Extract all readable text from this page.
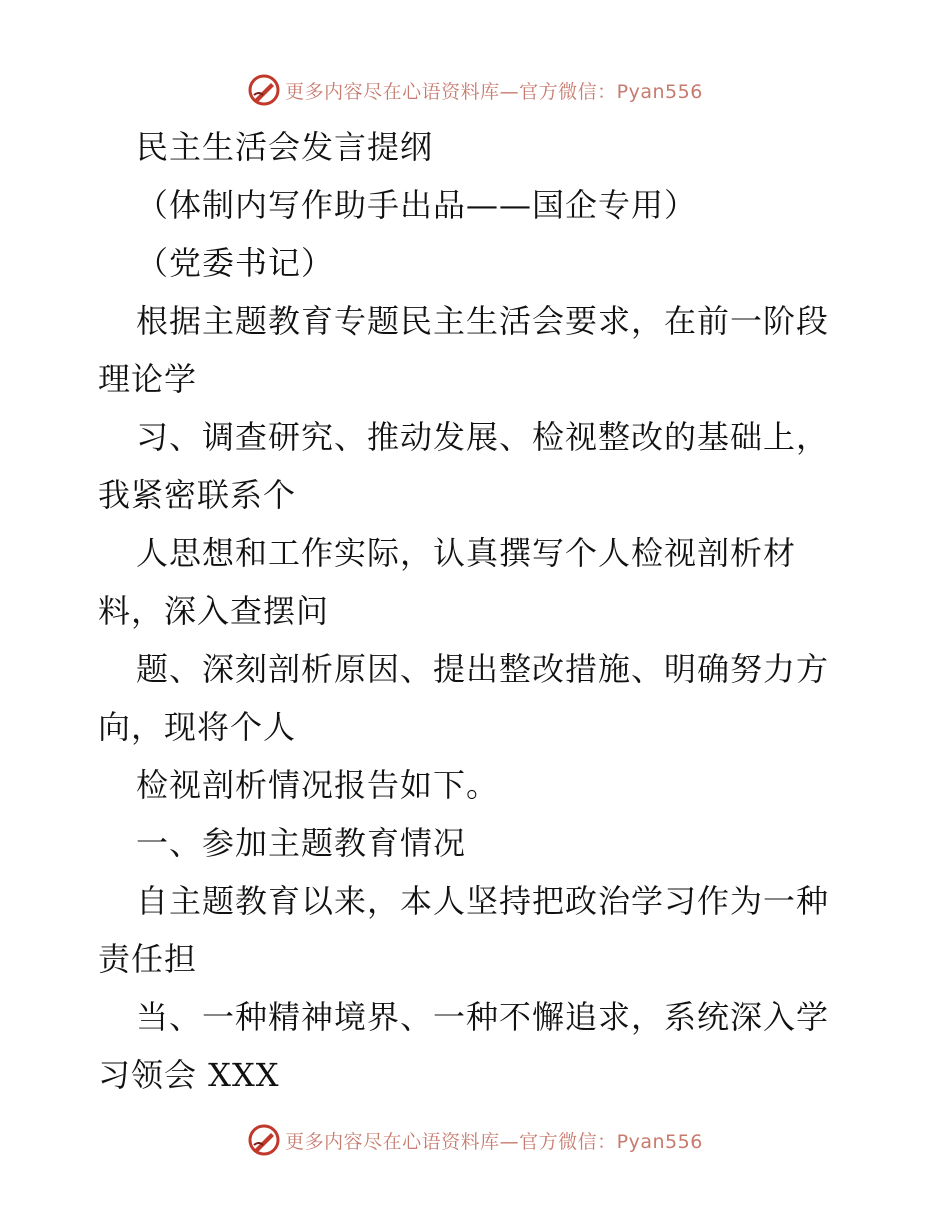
更多内容尽在心语资料库—官方微信：Pyan556
民主生活会发言提纲
（体制内写作助手出品——国企专用）
（党委书记）
根据主题教育专题民主生活会要求，在前一阶段
理论学
习、调查研究、推动发展、检视整改的基础上，
我紧密联系个
人思想和工作实际，认真撰写个人检视剖析材
料，深入查摆问
题、深刻剖析原因、提出整改措施、明确努力方
向，现将个人
检视剖析情况报告如下。
一、参加主题教育情况
自主题教育以来，本人坚持把政治学习作为一种
责任担
当、一种精神境界、一种不懈追求，系统深入学
习领会 XXX
更多内容尽在心语资料库—官方微信：Pyan556
